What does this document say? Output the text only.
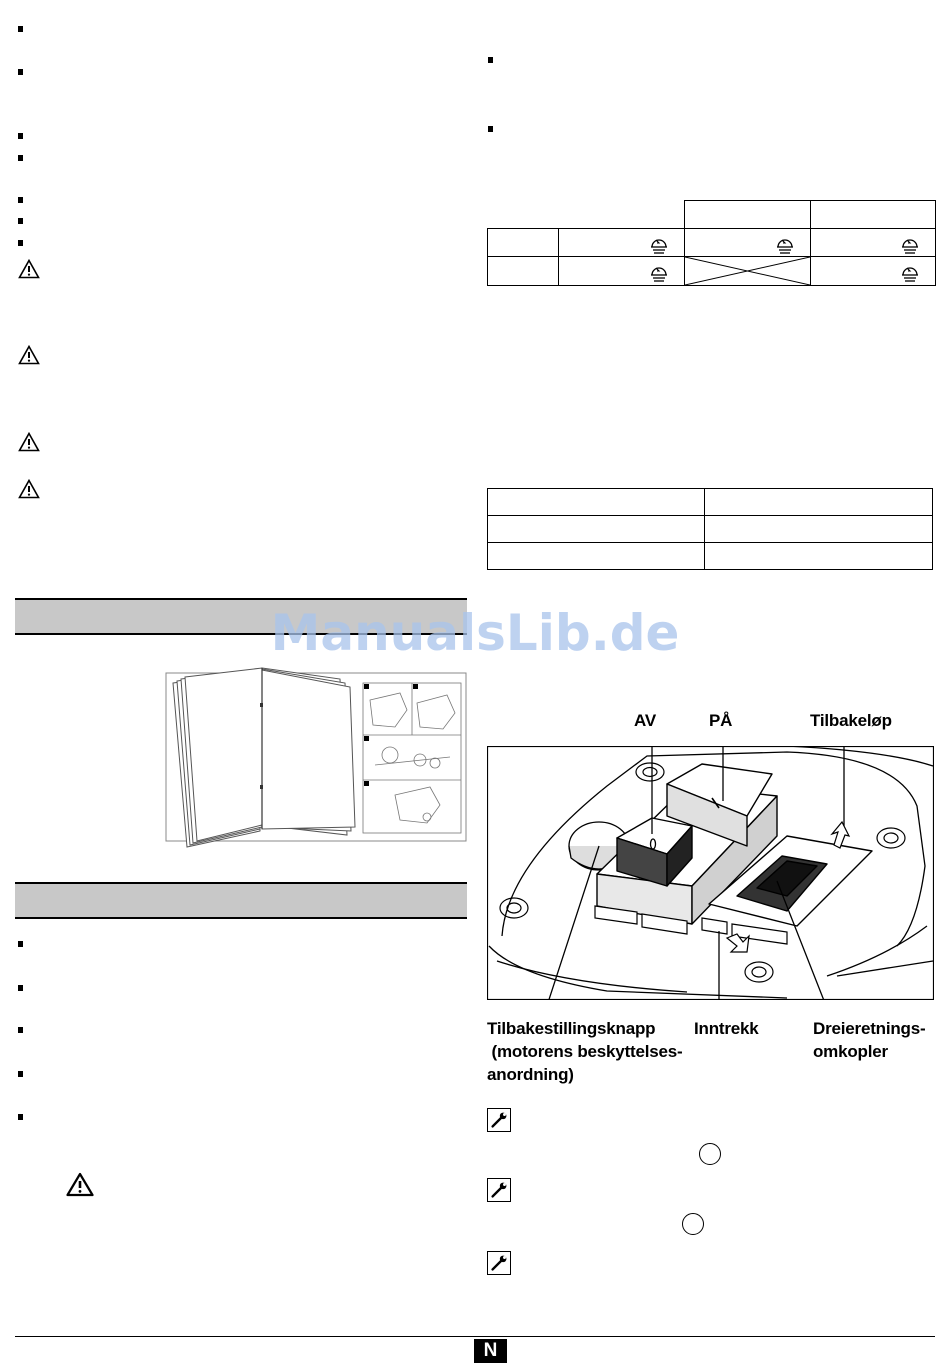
ManualsLib.de
AV	PÅ	Tilbakeløp
Tilbakestillingsknapp
(motorens beskyttelses-
anordning)
Inntrekk	Dreieretnings-
omkopler
N
